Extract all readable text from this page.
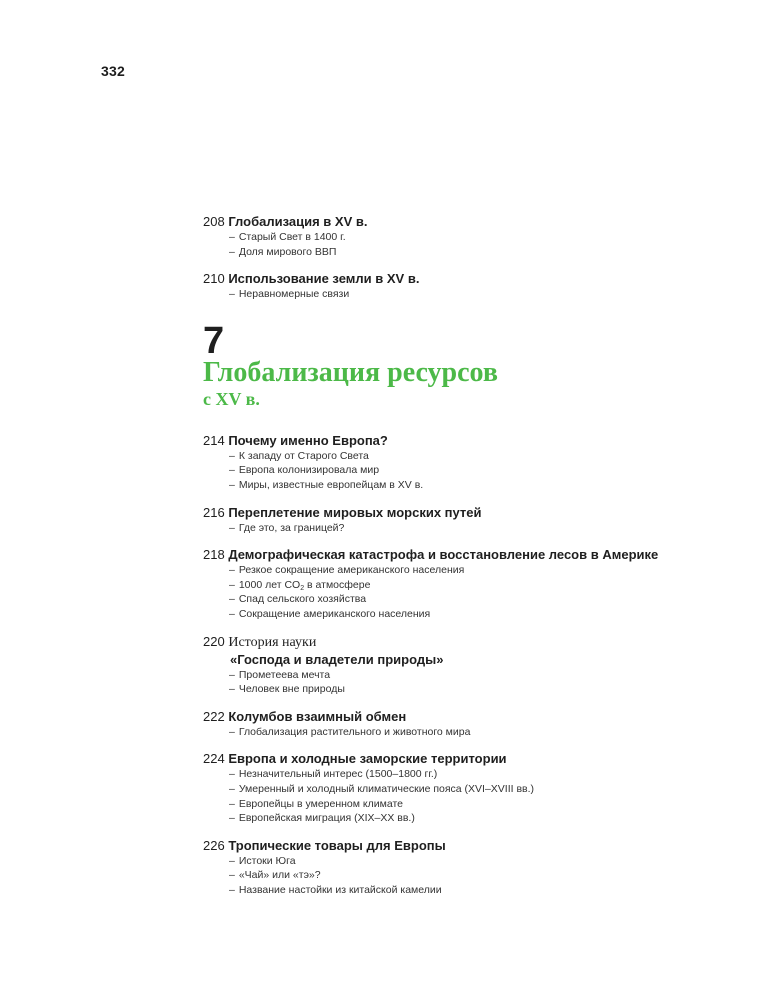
332
208 Глобализация в XV в.
– Старый Свет в 1400 г.
– Доля мирового ВВП
210 Использование земли в XV в.
– Неравномерные связи
7
Глобализация ресурсов
с XV в.
214 Почему именно Европа?
– К западу от Старого Света
– Европа колонизировала мир
– Миры, известные европейцам в XV в.
216 Переплетение мировых морских путей
– Где это, за границей?
218 Демографическая катастрофа и восстановление лесов в Америке
– Резкое сокращение американского населения
– 1000 лет $CO_2$ в атмосфере
– Спад сельского хозяйства
– Сокращение американского населения
220 История науки
«Господа и владетели природы»
– Прометеева мечта
– Человек вне природы
222 Колумбов взаимный обмен
– Глобализация растительного и животного мира
224 Европа и холодные заморские территории
– Незначительный интерес (1500–1800 гг.)
– Умеренный и холодный климатические пояса (XVI–XVIII вв.)
– Европейцы в умеренном климате
– Европейская миграция (XIX–XX вв.)
226 Тропические товары для Европы
– Истоки Юга
– «Чай» или «тэ»?
– Название настойки из китайской камелии
